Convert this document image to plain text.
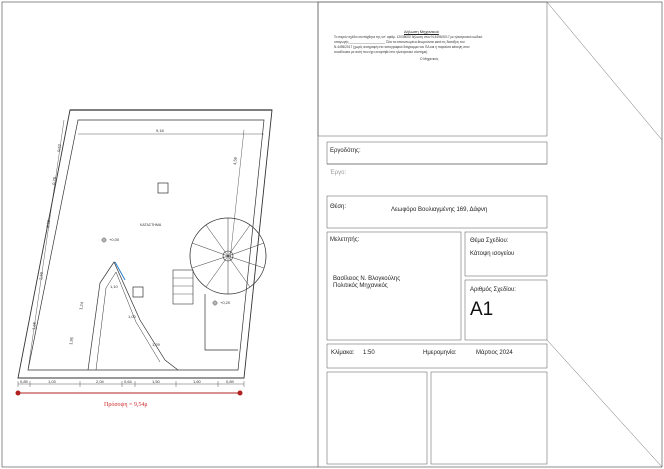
ΚΑΤΑΣΤΗΜΑ
9,18
4,59
0,52
0,78
2,72
2,50
1,65
0,85	1,03	2,04	0,64	1,50	1,60	0,89
+0,00
+0,20
1,10
1,24
1,95
1,00
1,29
Πρόσοψη = 9,54μ
Δήλωση Μηχανικού
Το παρόν σχέδιο συντάχθηκε της υπ' αριθμ. 12038000 δήλωση στον Ν.4495/2017 με ηλεκτρονικό κωδικό
υπαγωγής ____________________ Όλα τα αποτυπωμένα θεωρούνται κατά τις διατάξεις του
Ν.4495/2017 (χωρίς αναγραφή στο τοπογραφικό διάγραμμα του ΠΔ και η παρούσα κάτοψη στον
συνάδουσα με αυτή που έχει αναρτηθεί στο ηλεκτρονικό σύστημα)
Ο Μηχανικός
Εργοδότης:
Έργο:
Θέση:	Λεωφόρο Βουλιαγμένης 169, Δάφνη
Μελετητής:
Βασίλειος Ν. Βλογκούλης
Πολιτικός Μηχανικός
Θέμα Σχεδίου:
Κάτοψη ισογείου
Αριθμός Σχεδίου:
A1
Κλίμακα: 1:50	Ημερομηνία:	Μάρτιος 2024
